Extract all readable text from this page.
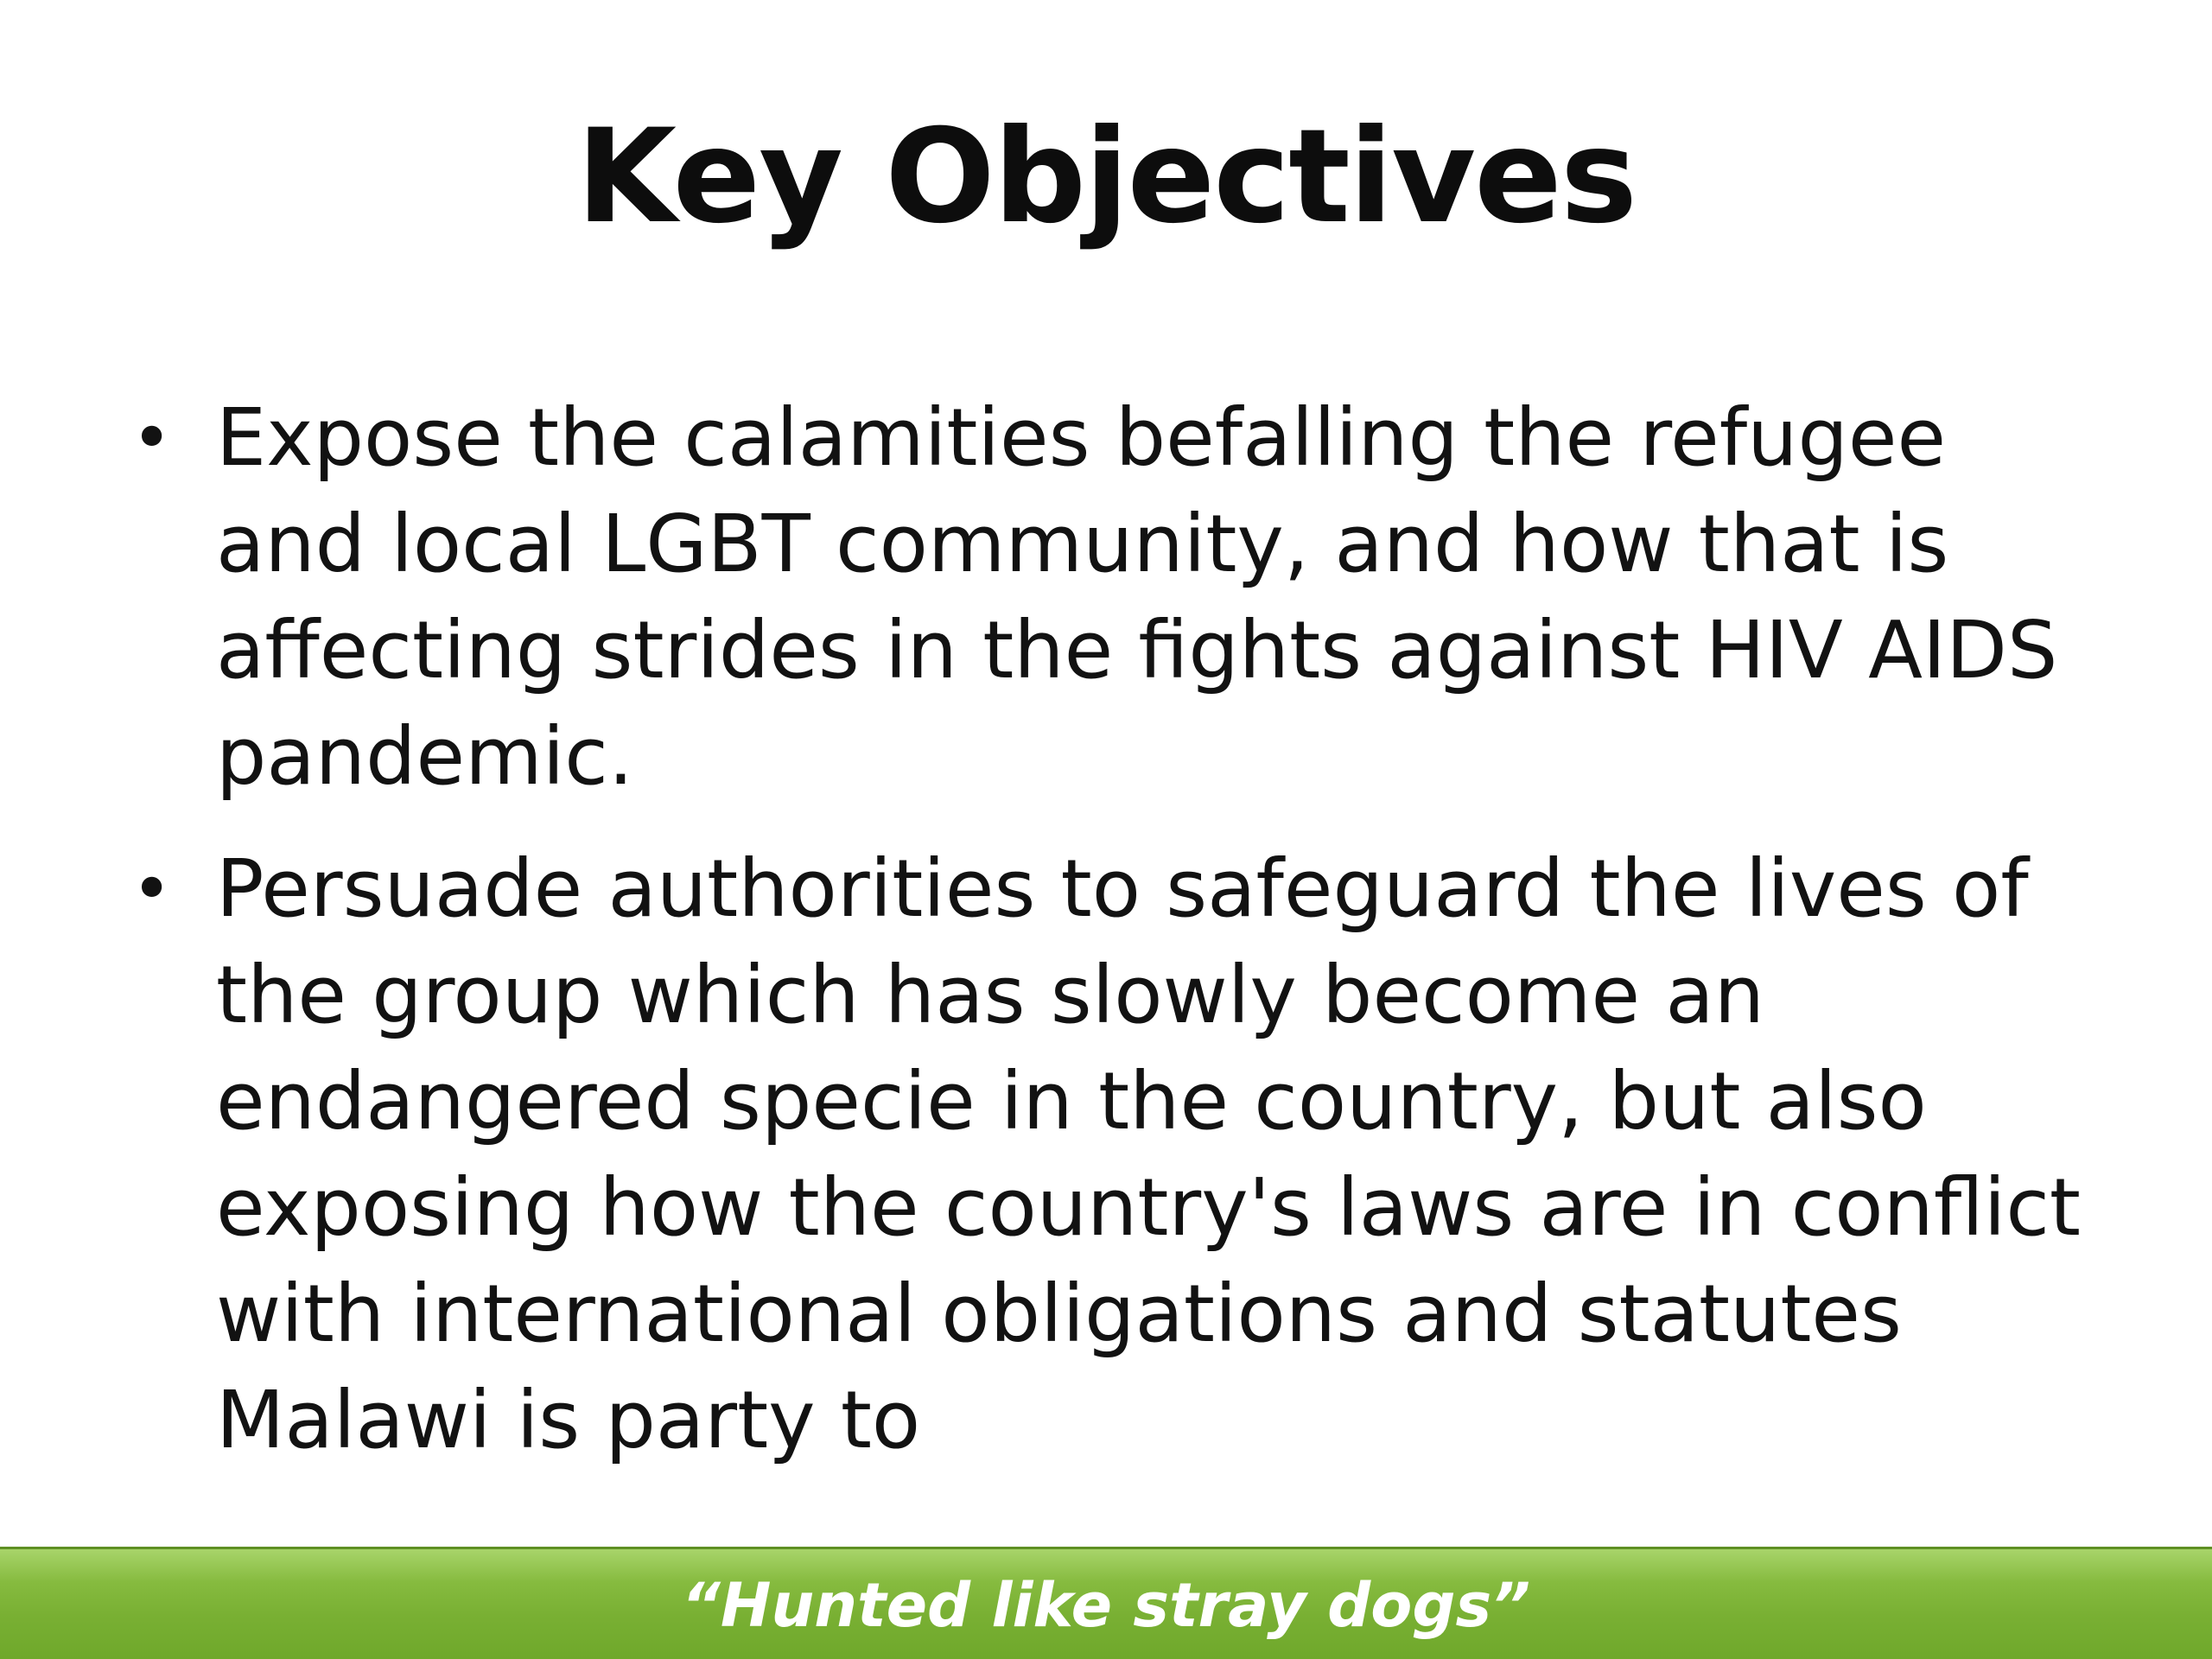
Key Objectives
• Expose the calamities befalling the refugee and local LGBT community, and how that is affecting strides in the fights against HIV AIDS pandemic.
• Persuade authorities to safeguard the lives of the group which has slowly become an endangered specie in the country, but also exposing how the country's laws are in conflict with international obligations and statutes Malawi is party to
“Hunted like stray dogs”
